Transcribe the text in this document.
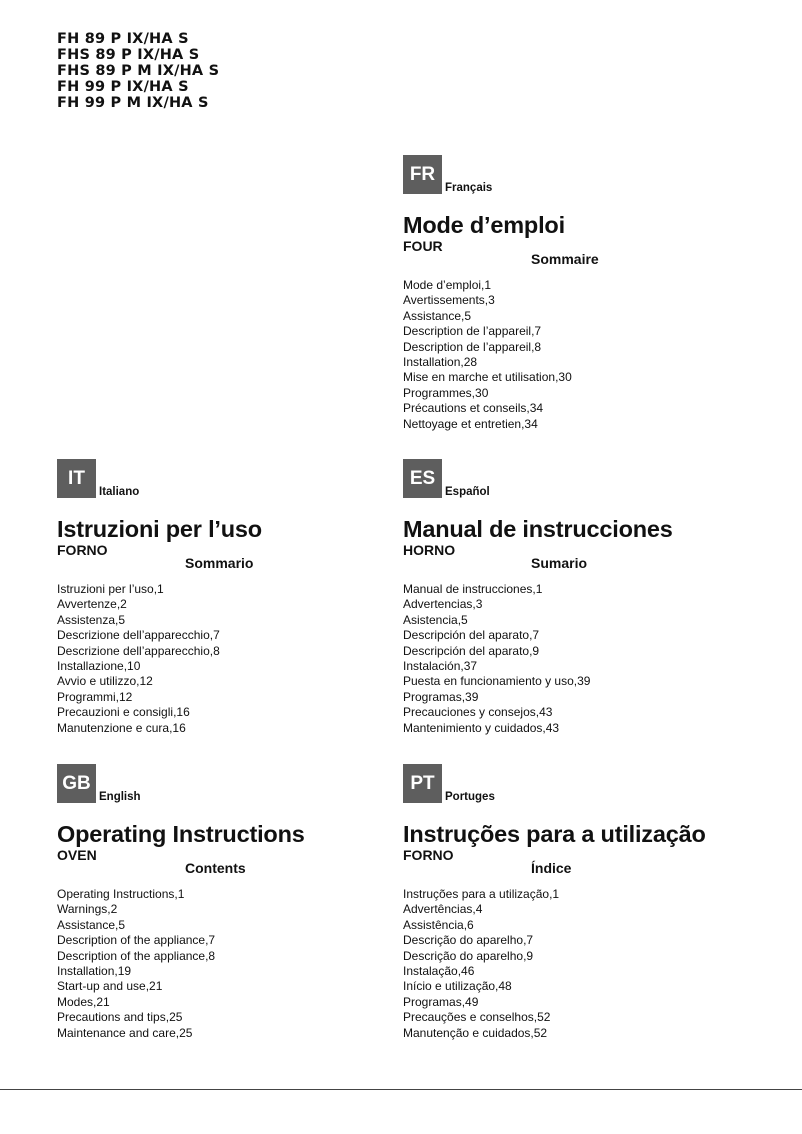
FH 89 P IX/HA S
FHS 89 P IX/HA S
FHS 89 P M IX/HA S
FH 99 P IX/HA S
FH 99 P M IX/HA S
FR
Français
Mode d’emploi
FOUR
Sommaire
Mode d’emploi,1
Avertissements,3
Assistance,5
Description de l’appareil,7
Description de l’appareil,8
Installation,28
Mise en marche et utilisation,30
Programmes,30
Précautions et conseils,34
Nettoyage et entretien,34
IT
Italiano
Istruzioni per l’uso
FORNO
Sommario
Istruzioni per l’uso,1
Avvertenze,2
Assistenza,5
Descrizione dell’apparecchio,7
Descrizione dell’apparecchio,8
Installazione,10
Avvio e utilizzo,12
Programmi,12
Precauzioni e consigli,16
Manutenzione e cura,16
ES
Español
Manual de instrucciones
HORNO
Sumario
Manual de instrucciones,1
Advertencias,3
Asistencia,5
Descripción del aparato,7
Descripción del aparato,9
Instalación,37
Puesta en funcionamiento y uso,39
Programas,39
Precauciones y consejos,43
Mantenimiento y cuidados,43
GB
English
Operating Instructions
OVEN
Contents
Operating Instructions,1
Warnings,2
Assistance,5
Description of the appliance,7
Description of the appliance,8
Installation,19
Start-up and use,21
Modes,21
Precautions and tips,25
Maintenance and care,25
PT
Portuges
Instruções para a utilização
FORNO
Índice
Instruções para a utilização,1
Advertências,4
Assistência,6
Descrição do aparelho,7
Descrição do aparelho,9
Instalação,46
Início e utilização,48
Programas,49
Precauções e conselhos,52
Manutenção e cuidados,52
